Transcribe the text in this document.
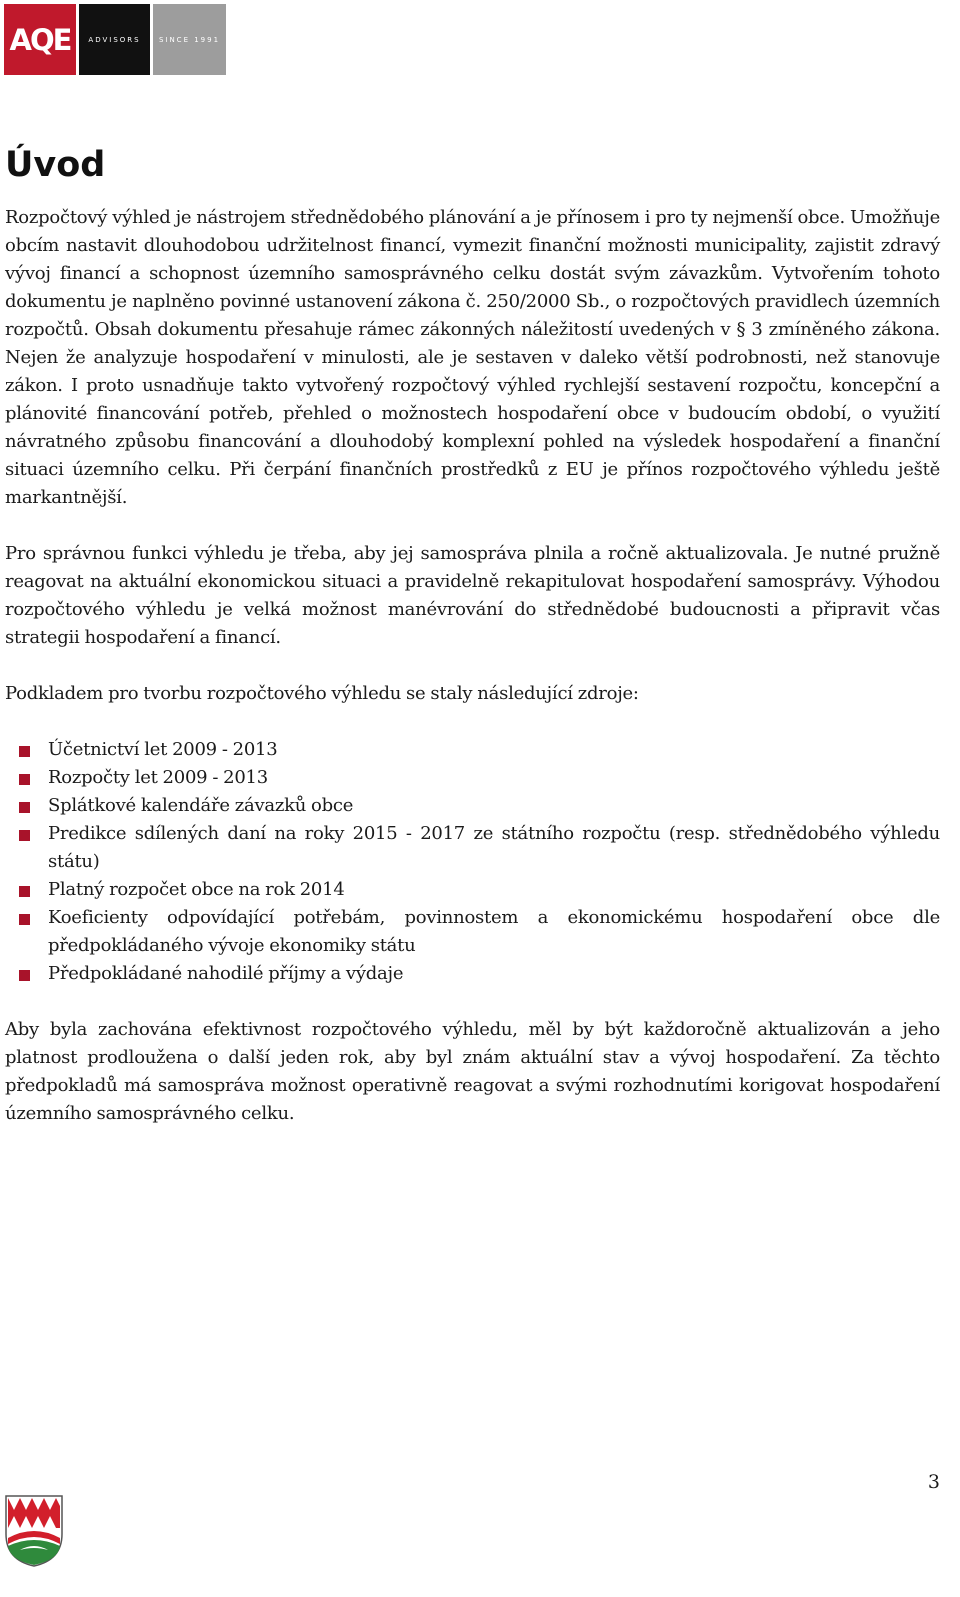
AQE	ADVISORS	SINCE 1991
Úvod

Rozpočtový výhled je nástrojem střednědobého plánování a je přínosem i pro ty nejmenší obce. Umožňuje obcím nastavit dlouhodobou udržitelnost financí, vymezit finanční možnosti municipality, zajistit zdravý vývoj financí a schopnost územního samosprávného celku dostát svým závazkům. Vytvořením tohoto dokumentu je naplněno povinné ustanovení zákona č. 250/2000 Sb., o rozpočtových pravidlech územních rozpočtů. Obsah dokumentu přesahuje rámec zákonných náležitostí uvedených v § 3 zmíněného zákona. Nejen že analyzuje hospodaření v minulosti, ale je sestaven v daleko větší podrobnosti, než stanovuje zákon. I proto usnadňuje takto vytvořený rozpočtový výhled rychlejší sestavení rozpočtu, koncepční a plánovité financování potřeb, přehled o možnostech hospodaření obce v budoucím období, o využití návratného způsobu financování a dlouhodobý komplexní pohled na výsledek hospodaření a finanční situaci územního celku. Při čerpání finančních prostředků z EU je přínos rozpočtového výhledu ještě markantnější.

Pro správnou funkci výhledu je třeba, aby jej samospráva plnila a ročně aktualizovala. Je nutné pružně reagovat na aktuální ekonomickou situaci a pravidelně rekapitulovat hospodaření samosprávy. Výhodou rozpočtového výhledu je velká možnost manévrování do střednědobé budoucnosti a připravit včas strategii hospodaření a financí.

Podkladem pro tvorbu rozpočtového výhledu se staly následující zdroje:

Účetnictví let 2009 - 2013
Rozpočty let 2009 - 2013
Splátkové kalendáře závazků obce
Predikce sdílených daní na roky 2015 - 2017 ze státního rozpočtu (resp. střednědobého výhledu státu)
Platný rozpočet obce na rok 2014
Koeficienty odpovídající potřebám, povinnostem a ekonomickému hospodaření obce dle předpokládaného vývoje ekonomiky státu
Předpokládané nahodilé příjmy a výdaje

Aby byla zachována efektivnost rozpočtového výhledu, měl by být každoročně aktualizován a jeho platnost prodloužena o další jeden rok, aby byl znám aktuální stav a vývoj hospodaření. Za těchto předpokladů má samospráva možnost operativně reagovat a svými rozhodnutími korigovat hospodaření územního samosprávného celku.

3
